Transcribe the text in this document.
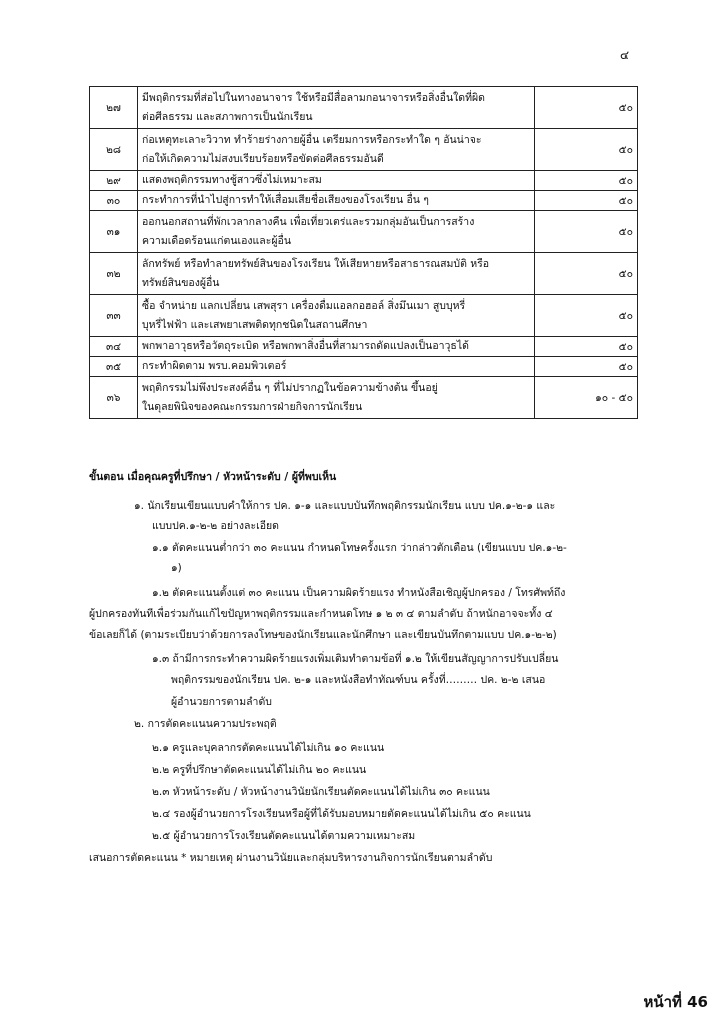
๔
๒๗	มีพฤติกรรมที่ส่อไปในทางอนาจาร ใช้หรือมีสื่อลามกอนาจารหรือสิ่งอื่นใดที่ผิด
ต่อศีลธรรม และสภาพการเป็นนักเรียน	๕๐
๒๘	ก่อเหตุทะเลาะวิวาท ทำร้ายร่างกายผู้อื่น เตรียมการหรือกระทำใด ๆ อันน่าจะ
ก่อให้เกิดความไม่สงบเรียบร้อยหรือขัดต่อศีลธรรมอันดี	๕๐
๒๙	แสดงพฤติกรรมทางชู้สาวซึ่งไม่เหมาะสม	๕๐
๓๐	กระทำการที่นำไปสู่การทำให้เสื่อมเสียชื่อเสียงของโรงเรียน อื่น ๆ	๕๐
๓๑	ออกนอกสถานที่พักเวลากลางคืน เพื่อเที่ยวเตร่และรวมกลุ่มอันเป็นการสร้าง
ความเดือดร้อนแก่ตนเองและผู้อื่น	๕๐
๓๒	ลักทรัพย์ หรือทำลายทรัพย์สินของโรงเรียน ให้เสียหายหรือสาธารณสมบัติ หรือ
ทรัพย์สินของผู้อื่น	๕๐
๓๓	ซื้อ จำหน่าย แลกเปลี่ยน เสพสุรา เครื่องดื่มแอลกอฮอล์ สิ่งมึนเมา สูบบุหรี่
บุหรี่ไฟฟ้า และเสพยาเสพติดทุกชนิดในสถานศึกษา	๕๐
๓๔	พกพาอาวุธหรือวัตถุระเบิด หรือพกพาสิ่งอื่นที่สามารถดัดแปลงเป็นอาวุธได้	๕๐
๓๕	กระทำผิดตาม พรบ.คอมพิวเตอร์	๕๐
๓๖	พฤติกรรมไม่พึงประสงค์อื่น ๆ ที่ไม่ปรากฏในข้อความข้างต้น ขึ้นอยู่
ในดุลยพินิจของคณะกรรมการฝ่ายกิจการนักเรียน	๑๐ - ๕๐
ขั้นตอน เมื่อคุณครูที่ปรึกษา / หัวหน้าระดับ / ผู้ที่พบเห็น
๑. นักเรียนเขียนแบบคำให้การ ปค. ๑-๑ และแบบบันทึกพฤติกรรมนักเรียน แบบ ปค.๑-๒-๑ และ
แบบปค.๑-๒-๒ อย่างละเอียด
๑.๑ ตัดคะแนนต่ำกว่า ๓๐ คะแนน กำหนดโทษครั้งแรก ว่ากล่าวตักเตือน (เขียนแบบ ปค.๑-๒-
๑)
๑.๒ ตัดคะแนนตั้งแต่ ๓๐ คะแนน เป็นความผิดร้ายแรง ทำหนังสือเชิญผู้ปกครอง / โทรศัพท์ถึง
ผู้ปกครองทันทีเพื่อร่วมกันแก้ไขปัญหาพฤติกรรมและกำหนดโทษ ๑ ๒ ๓ ๔ ตามลำดับ ถ้าหนักอาจจะทั้ง ๔
ข้อเลยก็ได้ (ตามระเบียบว่าด้วยการลงโทษของนักเรียนและนักศึกษา และเขียนบันทึกตามแบบ ปค.๑-๒-๒)
๑.๓ ถ้ามีการกระทำความผิดร้ายแรงเพิ่มเติมทำตามข้อที่ ๑.๒ ให้เขียนสัญญาการปรับเปลี่ยน
พฤติกรรมของนักเรียน ปค. ๒-๑ และหนังสือทำทัณฑ์บน ครั้งที่……… ปค. ๒-๒ เสนอ
ผู้อำนวยการตามลำดับ
๒. การตัดคะแนนความประพฤติ
๒.๑ ครูและบุคลากรตัดคะแนนได้ไม่เกิน ๑๐ คะแนน
๒.๒ ครูที่ปรึกษาตัดคะแนนได้ไม่เกิน ๒๐ คะแนน
๒.๓ หัวหน้าระดับ / หัวหน้างานวินัยนักเรียนตัดคะแนนได้ไม่เกิน ๓๐ คะแนน
๒.๔ รองผู้อำนวยการโรงเรียนหรือผู้ที่ได้รับมอบหมายตัดคะแนนได้ไม่เกิน ๕๐ คะแนน
๒.๕ ผู้อำนวยการโรงเรียนตัดคะแนนได้ตามความเหมาะสม
เสนอการตัดคะแนน * หมายเหตุ ผ่านงานวินัยและกลุ่มบริหารงานกิจการนักเรียนตามลำดับ
หน้าที่ 46
